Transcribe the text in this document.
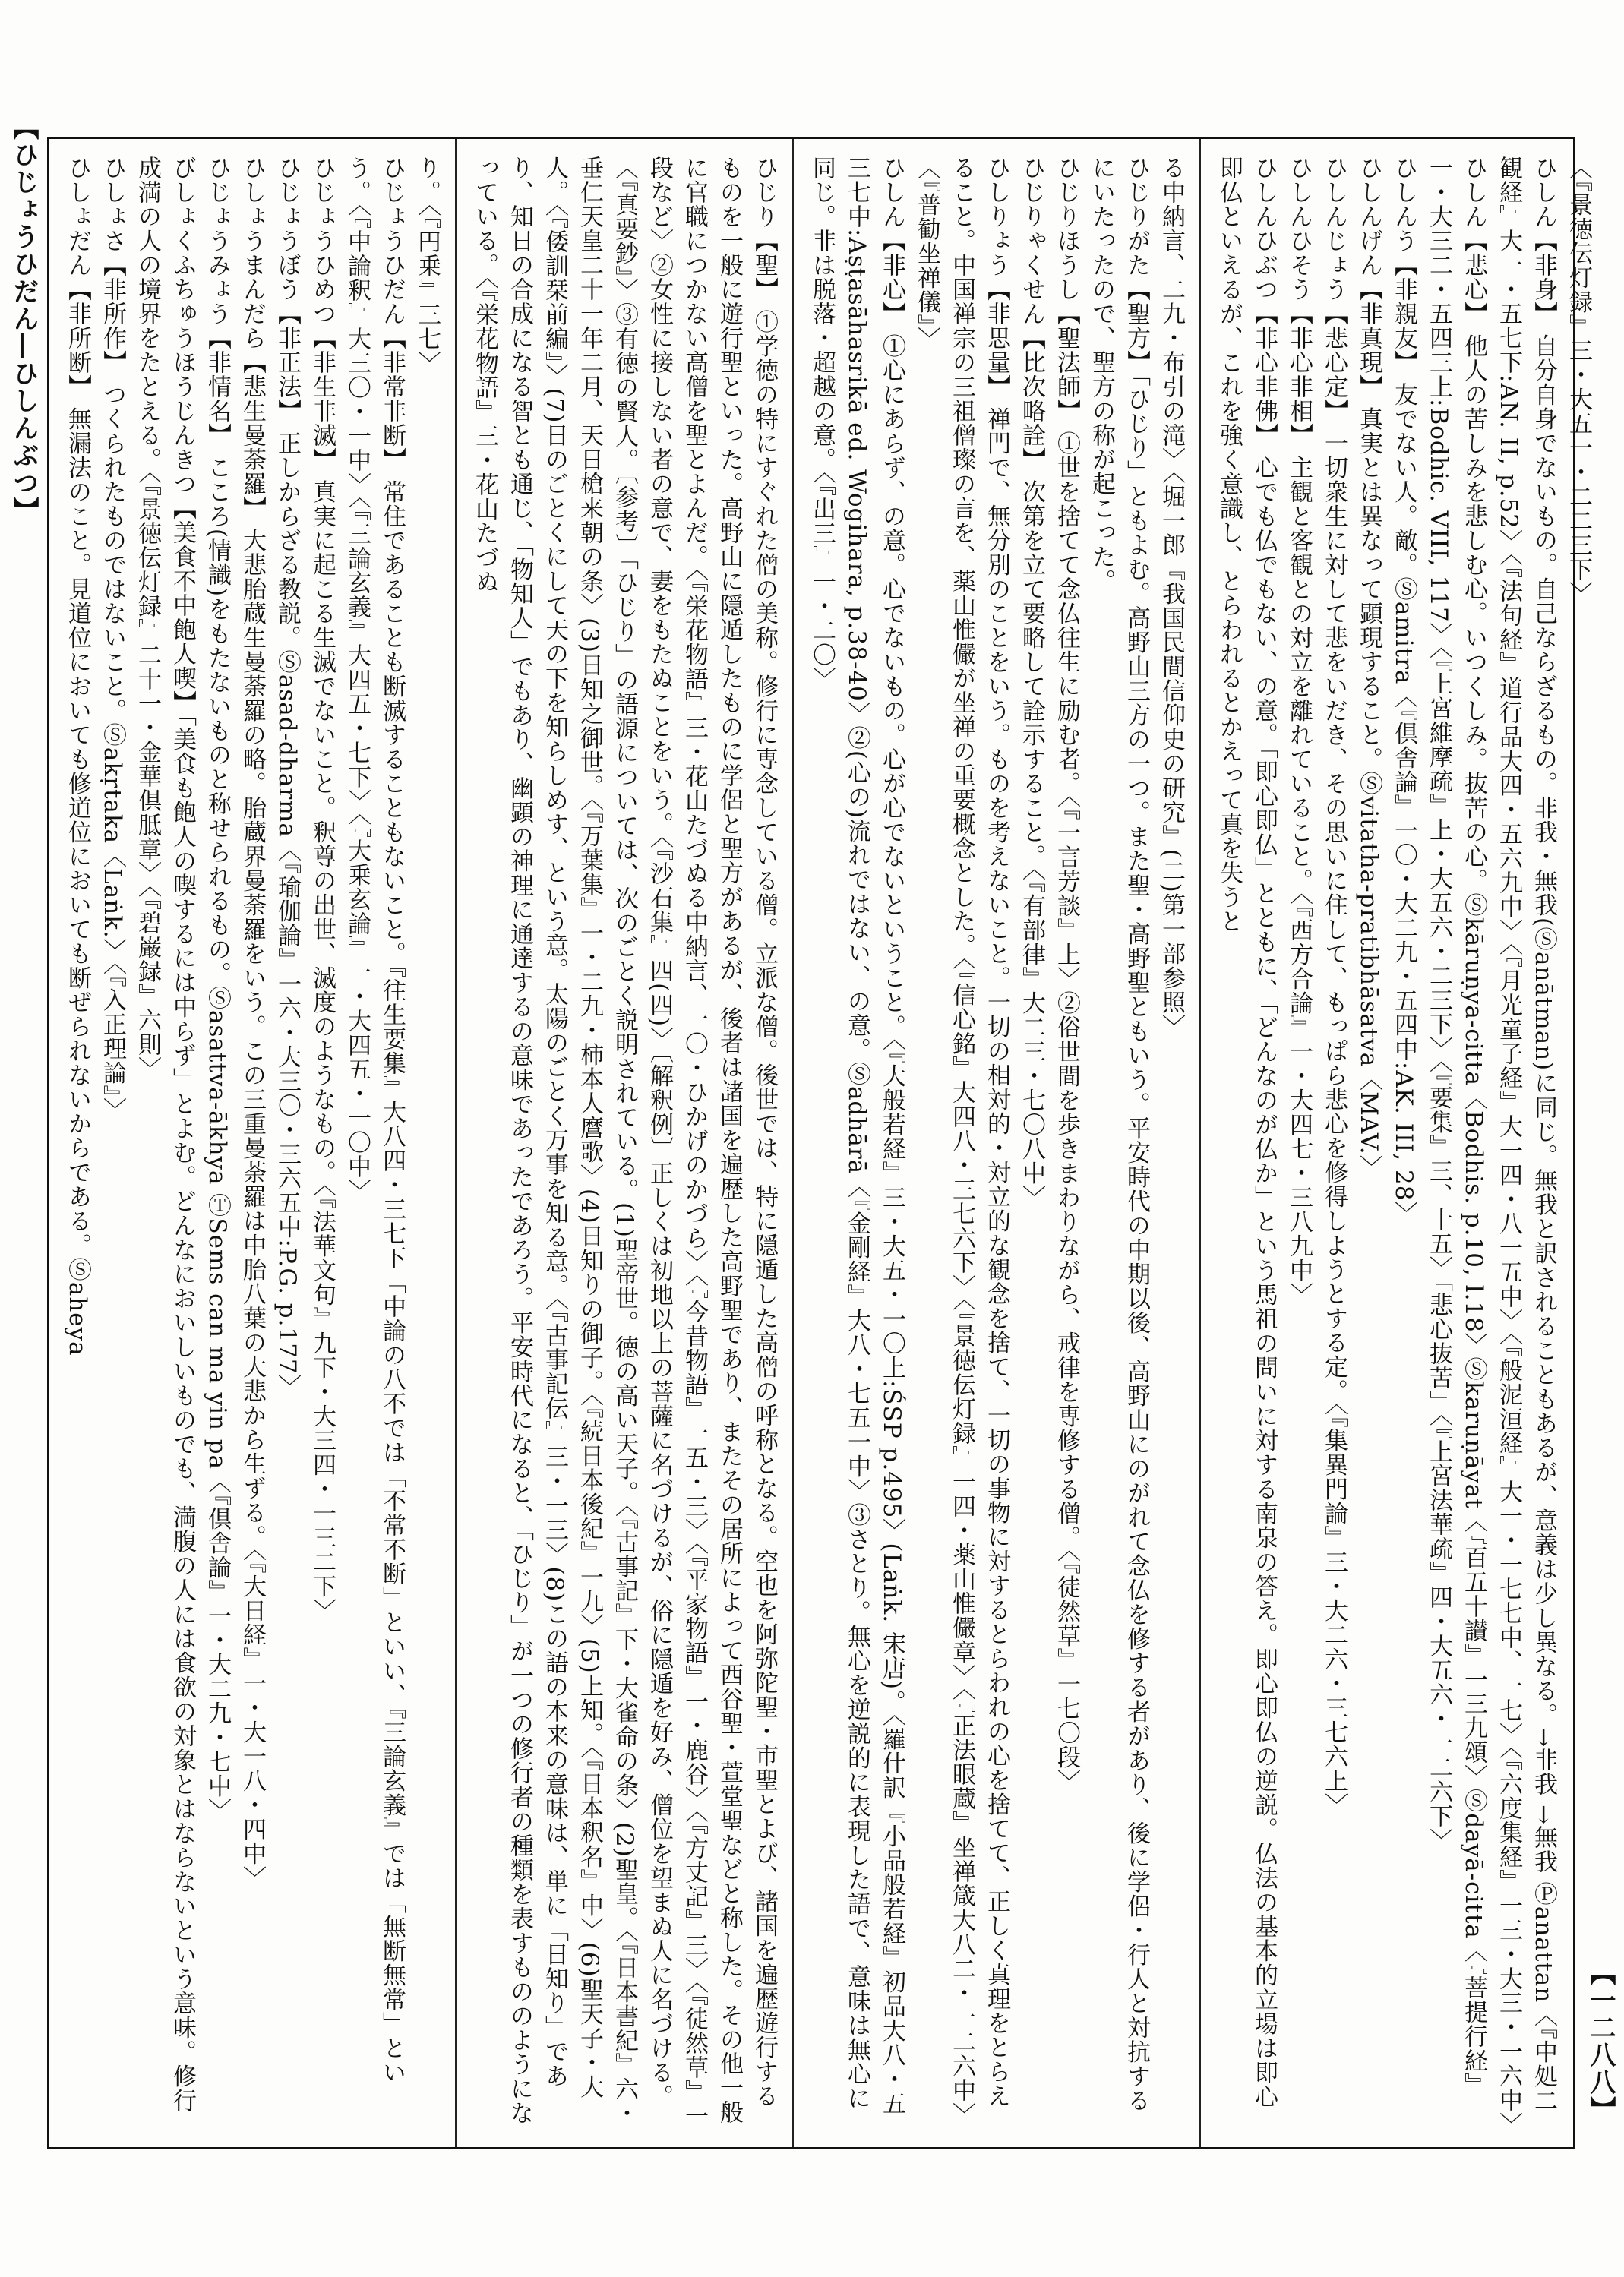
【ひじょうひだん―ひしんぶつ】
【一二八八】

り。〈『円乗』三七〉

ひじょうひだん【非常非断】 常住であることも断滅することもないこと。『往生要集』大八四・三七下「中論の八不では「不常不断」といい、『三論玄義』では「無断無常」という。〈『中論釈』大三〇・一中〉〈『三論玄義』大四五・七下〉〈『大乗玄論』一・大四五・一〇中〉

ひじょうひめつ【非生非滅】 真実に起こる生滅でないこと。釈尊の出世、滅度のようなもの。〈『法華文句』九下・大三四・一三二下〉

ひじょうぼう【非正法】 正しからざる教説。Ⓢasad-dharma〈『瑜伽論』一六・大三〇・三六五中:P.G. p.177〉

ひしょうまんだら【悲生曼荼羅】 大悲胎蔵生曼荼羅の略。胎蔵界曼荼羅をいう。この三重曼荼羅は中胎八葉の大悲から生ずる。〈『大日経』一・大一八・四中〉

ひじょうみょう【非情名】 こころ(情識)をもたないものと称せられるもの。Ⓢasattva-ākhya ⓉSems can ma yin pa〈『倶舎論』一・大二九・七中〉

びしょくふちゅうほうじんきつ【美食不中飽人喫】「美食も飽人の喫するには中らず」とよむ。どんなにおいしいものでも、満腹の人には食欲の対象とはならないという意味。修行成満の人の境界をたとえる。〈『景徳伝灯録』二十一・金華倶胝章〉〈『碧巌録』六則〉

ひしょさ【非所作】 つくられたものではないこと。Ⓢakṛtaka〈Laṅk.〉〈『入正理論』〉

ひしょだん【非所断】 無漏法のこと。見道位においても修道位においても断ぜられないからである。Ⓢaheya	ひじり【聖】 ①学徳の特にすぐれた僧の美称。修行に専念している僧。立派な僧。後世では、特に隠遁した高僧の呼称となる。空也を阿弥陀聖・市聖とよび、諸国を遍歴遊行するものを一般に遊行聖といった。高野山に隠遁したものに学侶と聖方があるが、後者は諸国を遍歴した高野聖であり、またその居所によって西谷聖・萱堂聖などと称した。その他一般に官職につかない高僧を聖とよんだ。〈『栄花物語』三・花山たづぬる中納言、一〇・ひかげのかづら〉〈『今昔物語』一五・三〉〈『平家物語』一・鹿谷〉〈『方丈記』三〉〈『徒然草』一段など〉②女性に接しない者の意で、妻をもたぬことをいう。〈『沙石集』四(四)〉〔解釈例〕正しくは初地以上の菩薩に名づけるが、俗に隠遁を好み、僧位を望まぬ人に名づける。〈『真要鈔』〉③有徳の賢人。〔参考〕「ひじり」の語源については、次のごとく説明されている。(1)聖帝世。徳の高い天子。〈『古事記』下・大雀命の条〉(2)聖皇。〈『日本書紀』六・垂仁天皇二十一年二月、天日槍来朝の条〉(3)日知之御世。〈『万葉集』一・二九・柿本人麿歌〉(4)日知りの御子。〈『続日本後紀』一九〉(5)上知。〈『日本釈名』中〉(6)聖天子・大人。〈『倭訓栞前編』〉(7)日のごとくにして天の下を知らしめす、という意。太陽のごとく万事を知る意。〈『古事記伝』三・一三〉(8)この語の本来の意味は、単に「日知り」であり、知日の合成になる智とも通じ、「物知人」でもあり、幽顕の神理に通達するの意味であったであろう。平安時代になると、「ひじり」が一つの修行者の種類を表すもののようになっている。〈『栄花物語』三・花山たづぬ	る中納言、二九・布引の滝〉〈堀一郎『我国民間信仰史の研究』(二)第一部参照〉

ひじりがた【聖方】「ひじり」ともよむ。高野山三方の一つ。また聖・高野聖ともいう。平安時代の中期以後、高野山にのがれて念仏を修する者があり、後に学侶・行人と対抗するにいたったので、聖方の称が起こった。

ひじりほうし【聖法師】 ①世を捨てて念仏往生に励む者。〈『一言芳談』上〉②俗世間を歩きまわりながら、戒律を専修する僧。〈『徒然草』一七〇段〉

ひじりゃくせん【比次略詮】 次第を立て要略して詮示すること。〈『有部律』大二三・七〇八中〉

ひしりょう【非思量】 禅門で、無分別のことをいう。ものを考えないこと。一切の相対的・対立的な観念を捨て、一切の事物に対するとらわれの心を捨てて、正しく真理をとらえること。中国禅宗の三祖僧璨の言を、薬山惟儼が坐禅の重要概念とした。〈『信心銘』大四八・三七六下〉〈『景徳伝灯録』一四・薬山惟儼章〉〈『正法眼蔵』坐禅箴大八二・一二六中〉〈『普勧坐禅儀』〉

ひしん【非心】 ①心にあらず、の意。心でないもの。心が心でないということ。〈『大般若経』三・大五・一〇上:ŚSP p.495〉(Laṅk. 宋唐)。〈羅什訳『小品般若経』初品大八・五三七中:Aṣṭasāhasrikā ed. Wogihara, p.38-40〉②(心の)流れではない、の意。Ⓢadhārā〈『金剛経』大八・七五一中〉③さとり。無心を逆説的に表現した語で、意味は無心に同じ。非は脱落・超越の意。〈『出三』一・二〇〉	〈『景徳伝灯録』三・大五一・二二三下〉

ひしん【非身】 自分自身でないもの。自己ならざるもの。非我・無我(Ⓢanātman)に同じ。無我と訳されることもあるが、意義は少し異なる。→非我 →無我 Ⓟanattan〈『中処二観経』大一・五七下:AN. II, p.52〉〈『法句経』道行品大四・五六九中〉〈『月光童子経』大一四・八一五中〉〈『般泥洹経』大一・一七七中、一七〉〈『六度集経』一三・大三・一六中〉

ひしん【悲心】 他人の苦しみを悲しむ心。いつくしみ。抜苦の心。Ⓢkāruṇya-citta〈Bodhis. p.10, l.18〉Ⓢkaruṇāyat〈『百五十讃』一三九頌〉Ⓢdayā-citta〈『菩提行経』一・大三二・五四三上:Bodhic. VIII, 117〉〈『上宮維摩疏』上・大五六・二三下〉〈『要集』三、十五〉「悲心抜苦」〈『上宮法華疏』四・大五六・一二六下〉

ひしんう【非親友】 友でない人。敵。Ⓢamitra〈『倶舎論』一〇・大二九・五四中:AK. III, 28〉

ひしんげん【非真現】 真実とは異なって顕現すること。Ⓢvitatha-pratibhāsatva〈MAV.〉

ひしんじょう【悲心定】 一切衆生に対して悲をいだき、その思いに住して、もっぱら悲心を修得しようとする定。〈『集異門論』三・大二六・三七六上〉

ひしんひそう【非心非相】 主観と客観との対立を離れていること。〈『西方合論』一・大四七・三八九中〉

ひしんひぶつ【非心非佛】 心でも仏でもない、の意。「即心即仏」とともに、「どんなのが仏か」という馬祖の問いに対する南泉の答え。即心即仏の逆説。仏法の基本的立場は即心即仏といえるが、これを強く意識し、とらわれるとかえって真を失うと
